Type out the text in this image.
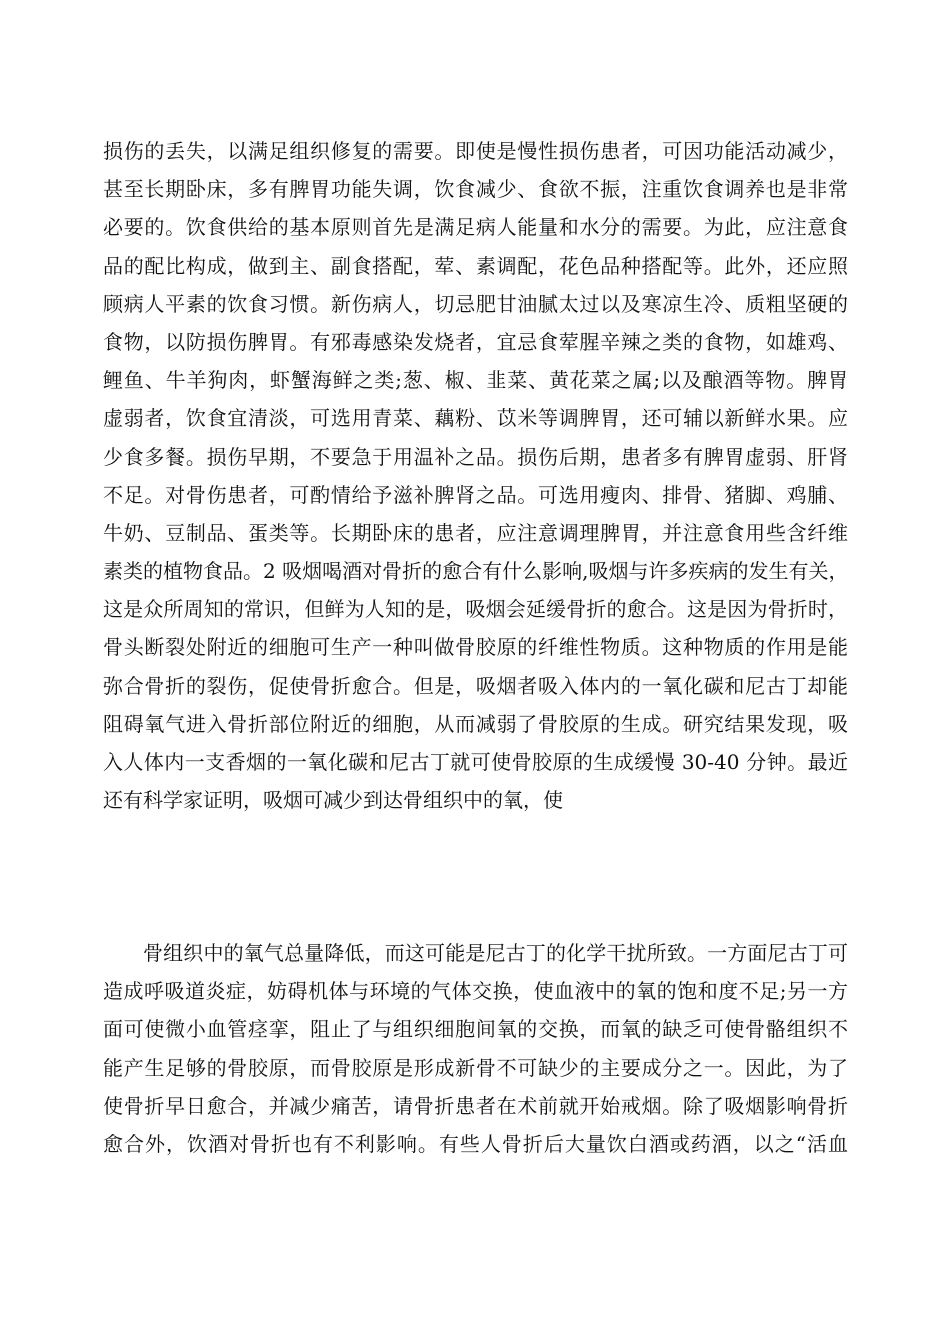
损伤的丢失，以满足组织修复的需要。即使是慢性损伤患者，可因功能活动减少，
甚至长期卧床，多有脾胃功能失调，饮食减少、食欲不振，注重饮食调养也是非常
必要的。饮食供给的基本原则首先是满足病人能量和水分的需要。为此，应注意食
品的配比构成，做到主、副食搭配，荤、素调配，花色品种搭配等。此外，还应照
顾病人平素的饮食习惯。新伤病人，切忌肥甘油腻太过以及寒凉生冷、质粗坚硬的
食物，以防损伤脾胃。有邪毒感染发烧者，宜忌食荤腥辛辣之类的食物，如雄鸡、
鲤鱼、牛羊狗肉，虾蟹海鲜之类;葱、椒、韭菜、黄花菜之属;以及酿酒等物。脾胃
虚弱者，饮食宜清淡，可选用青菜、藕粉、苡米等调脾胃，还可辅以新鲜水果。应
少食多餐。损伤早期，不要急于用温补之品。损伤后期，患者多有脾胃虚弱、肝肾
不足。对骨伤患者，可酌情给予滋补脾肾之品。可选用瘦肉、排骨、猪脚、鸡脯、
牛奶、豆制品、蛋类等。长期卧床的患者，应注意调理脾胃，并注意食用些含纤维
素类的植物食品。2 吸烟喝酒对骨折的愈合有什么影响,吸烟与许多疾病的发生有关，
这是众所周知的常识，但鲜为人知的是，吸烟会延缓骨折的愈合。这是因为骨折时，
骨头断裂处附近的细胞可生产一种叫做骨胶原的纤维性物质。这种物质的作用是能
弥合骨折的裂伤，促使骨折愈合。但是，吸烟者吸入体内的一氧化碳和尼古丁却能
阻碍氧气进入骨折部位附近的细胞，从而减弱了骨胶原的生成。研究结果发现，吸
入人体内一支香烟的一氧化碳和尼古丁就可使骨胶原的生成缓慢 30-40 分钟。最近
还有科学家证明，吸烟可减少到达骨组织中的氧，使
骨组织中的氧气总量降低，而这可能是尼古丁的化学干扰所致。一方面尼古丁可
造成呼吸道炎症，妨碍机体与环境的气体交换，使血液中的氧的饱和度不足;另一方
面可使微小血管痉挛，阻止了与组织细胞间氧的交换，而氧的缺乏可使骨骼组织不
能产生足够的骨胶原，而骨胶原是形成新骨不可缺少的主要成分之一。因此，为了
使骨折早日愈合，并减少痛苦，请骨折患者在术前就开始戒烟。除了吸烟影响骨折
愈合外，饮酒对骨折也有不利影响。有些人骨折后大量饮白酒或药酒，以之“活血
